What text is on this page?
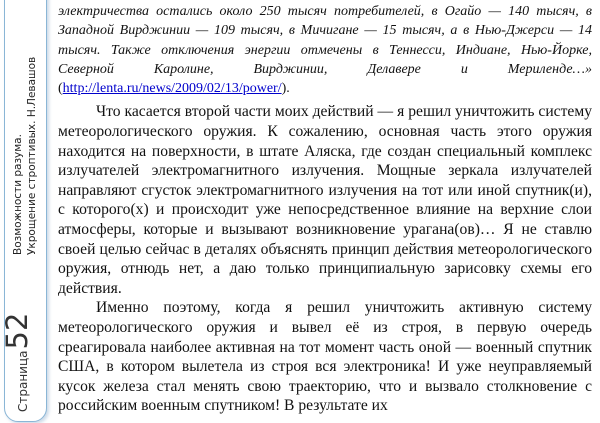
Возможности разума. Укрощение строптивых. Н.Левашов
Страница52

электричества остались около 250 тысяч потребителей, в Огайо — 140 тысяч, в Западной Вирджинии — 109 тысяч, в Мичигане — 15 тысяч, а в Нью-Джерси — 14 тысяч. Также отключения энергии отмечены в Теннесси, Индиане, Нью-Йорке, Северной Каролине, Вирджинии, Делавере и Мериленде…» (http://lenta.ru/news/2009/02/13/power/).

Что касается второй части моих действий — я решил уничтожить систему метеорологического оружия. К сожалению, основная часть этого оружия находится на поверхности, в штате Аляска, где создан специальный комплекс излучателей электромагнитного излучения. Мощные зеркала излучателей направляют сгусток электромагнитного излучения на тот или иной спутник(и), с которого(х) и происходит уже непосредственное влияние на верхние слои атмосферы, которые и вызывают возникновение урагана(ов)… Я не ставлю своей целью сейчас в деталях объяснять принцип действия метеорологического оружия, отнюдь нет, а даю только принципиальную зарисовку схемы его действия.

Именно поэтому, когда я решил уничтожить активную систему метеорологического оружия и вывел её из строя, в первую очередь среагировала наиболее активная на тот момент часть оной — военный спутник США, в котором вылетела из строя вся электроника! И уже неуправляемый кусок железа стал менять свою траекторию, что и вызвало столкновение с российским военным спутником! В результате их
